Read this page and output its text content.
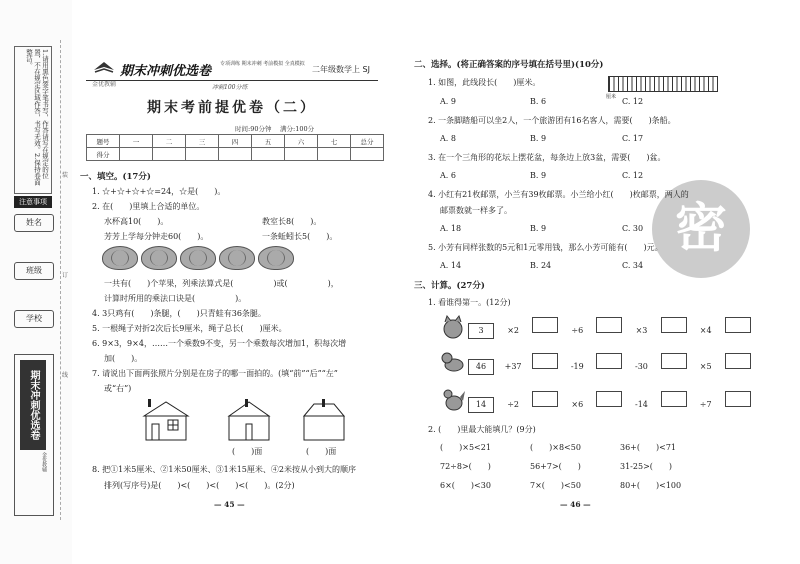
1.请用黑色签字笔书写，作答请写在规定的位置，不在规定区域作答，书写无效。2.保持卷面整洁。
注意事项
姓名
班级
学校
期末冲刺优选卷
金优教辅
装
订
线
期末冲刺优选卷 专项训练 期末冲刺 考前模拟 全真模拟
二年级数学上 SJ
金优教辅	冲刺100分练
期末考前提优卷（二）
时间:90分钟　 满分:100分
题号	一	二	三	四	五	六	七	总分
得分								
一、填空。(17分)
1. ☆+☆+☆+☆=24，☆是(　　)。
2. 在(　　)里填上合适的单位。
水杯高10(　　)。	教室长8(　　)。
芳芳上学每分钟走60(　　)。	一条蚯蚓长5(　　)。
一共有(　　)个苹果，列乘法算式是(　　　　　)或(　　　　　)，
计算时所用的乘法口诀是(　　　　　)。
4. 3只鸡有(　　)条腿，(　　)只青蛙有36条腿。
5. 一根绳子对折2次后长9厘米，绳子总长(　　)厘米。
6. 9×3，9×4，……一个乘数9不变，另一个乘数每次增加1，积每次增
加(　　)。
7. 请说出下面两张照片分别是在房子的哪一面拍的。(填“前”“后”“左”
或“右”)
(　　)面	(　　)面
8. 把①1米5厘米、②1米50厘米、③1米15厘米、④2米按从小到大的顺序
排列(写序号)是(　　)<(　　)<(　　)<(　　)。(2分)
— 45 —
二、选择。(将正确答案的序号填在括号里)(10分)
1. 如图，此线段长(　　)厘米。
厘米
A. 9	B. 6	C. 12
2. 一条脚踏船可以坐2人，一个旅游团有16名客人，需要(　　)条船。
A. 8	B. 9	C. 17
3. 在一个三角形的花坛上摆花盆，每条边上放3盆，需要(　　)盆。
A. 6	B. 9	C. 12
密
4. 小红有21枚邮票，小兰有39枚邮票。小兰给小红(　　)枚邮票，两人的
邮票数就一样多了。
A. 18	B. 9	C. 30
5. 小芳有同样张数的5元和1元零用钱，那么小芳可能有(　　)元。
A. 14	B. 24	C. 34
三、计算。(27分)
1. 看谁得第一。(12分)
3	×2	÷6	×3	×4
46 +37	-19	-30	×5
14	÷2	×6	-14	÷7
2. (　　)里最大能填几？(9分)
(　　)×5<21	(　　)×8<50	36+(　　)<71
72÷8>(　　)	56+7>(　　)	31-25>(　　)
6×(　　)<30	7×(　　)<50	80+(　　)<100
— 46 —
